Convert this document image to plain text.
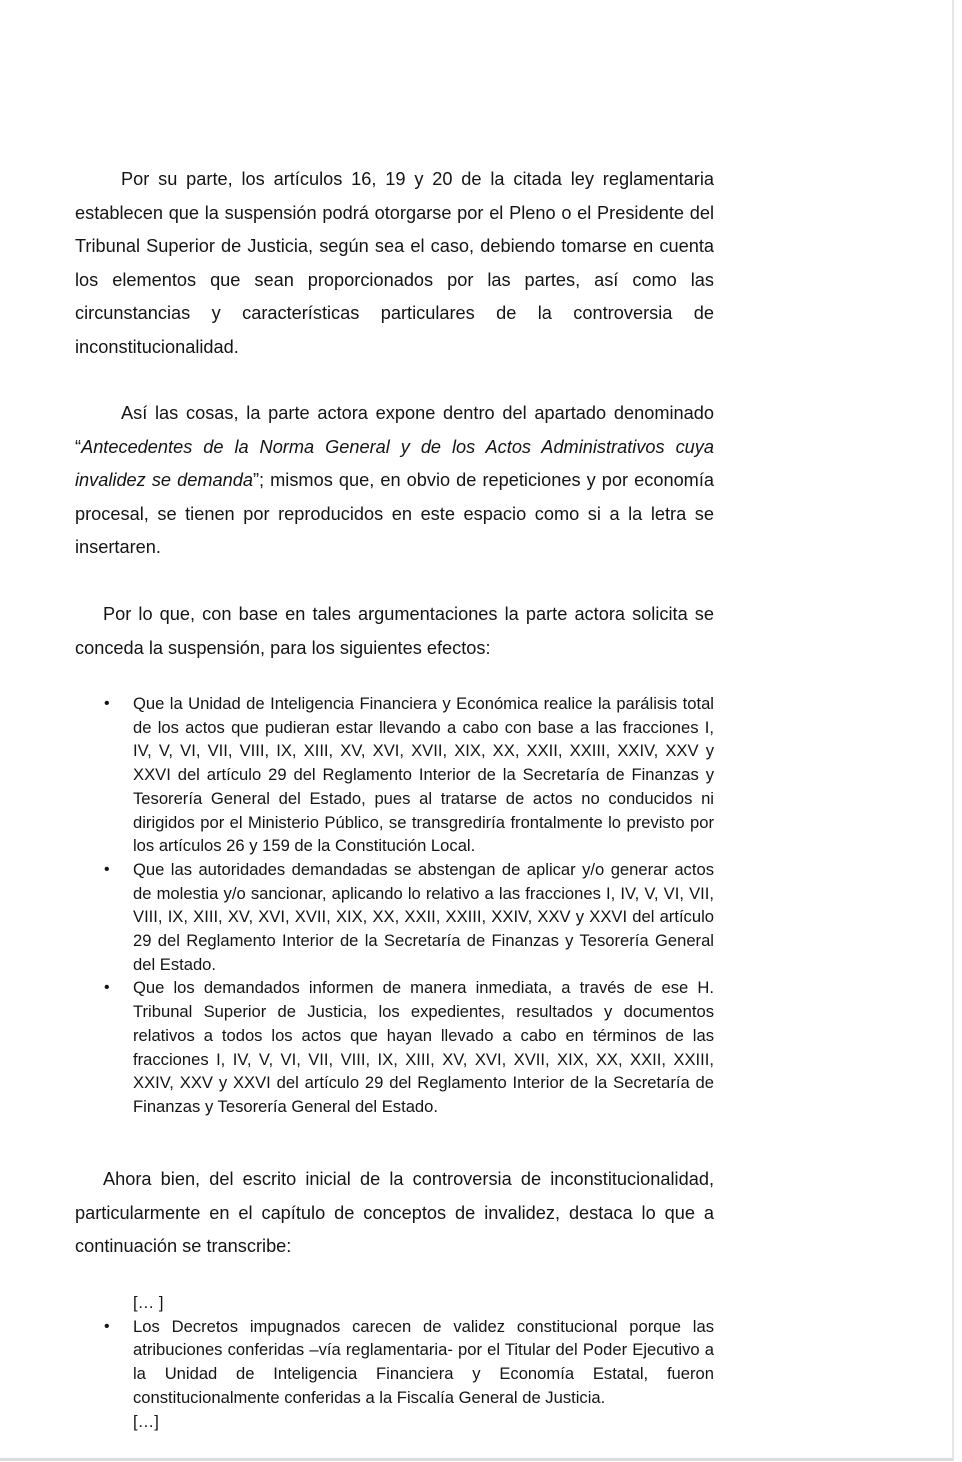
Por su parte, los artículos 16, 19 y 20 de la citada ley reglamentaria establecen que la suspensión podrá otorgarse por el Pleno o el Presidente del Tribunal Superior de Justicia, según sea el caso, debiendo tomarse en cuenta los elementos que sean proporcionados por las partes, así como las circunstancias y características particulares de la controversia de inconstitucionalidad.

Así las cosas, la parte actora expone dentro del apartado denominado “Antecedentes de la Norma General y de los Actos Administrativos cuya invalidez se demanda”; mismos que, en obvio de repeticiones y por economía procesal, se tienen por reproducidos en este espacio como si a la letra se insertaren.

Por lo que, con base en tales argumentaciones la parte actora solicita se conceda la suspensión, para los siguientes efectos:

• Que la Unidad de Inteligencia Financiera y Económica realice la parálisis total de los actos que pudieran estar llevando a cabo con base a las fracciones I, IV, V, VI, VII, VIII, IX, XIII, XV, XVI, XVII, XIX, XX, XXII, XXIII, XXIV, XXV y XXVI del artículo 29 del Reglamento Interior de la Secretaría de Finanzas y Tesorería General del Estado, pues al tratarse de actos no conducidos ni dirigidos por el Ministerio Público, se transgrediría frontalmente lo previsto por los artículos 26 y 159 de la Constitución Local.
• Que las autoridades demandadas se abstengan de aplicar y/o generar actos de molestia y/o sancionar, aplicando lo relativo a las fracciones I, IV, V, VI, VII, VIII, IX, XIII, XV, XVI, XVII, XIX, XX, XXII, XXIII, XXIV, XXV y XXVI del artículo 29 del Reglamento Interior de la Secretaría de Finanzas y Tesorería General del Estado.
• Que los demandados informen de manera inmediata, a través de ese H. Tribunal Superior de Justicia, los expedientes, resultados y documentos relativos a todos los actos que hayan llevado a cabo en términos de las fracciones I, IV, V, VI, VII, VIII, IX, XIII, XV, XVI, XVII, XIX, XX, XXII, XXIII, XXIV, XXV y XXVI del artículo 29 del Reglamento Interior de la Secretaría de Finanzas y Tesorería General del Estado.

Ahora bien, del escrito inicial de la controversia de inconstitucionalidad, particularmente en el capítulo de conceptos de invalidez, destaca lo que a continuación se transcribe:

[… ]
• Los Decretos impugnados carecen de validez constitucional porque las atribuciones conferidas –vía reglamentaria- por el Titular del Poder Ejecutivo a la Unidad de Inteligencia Financiera y Economía Estatal, fueron constitucionalmente conferidas a la Fiscalía General de Justicia.
[…]
